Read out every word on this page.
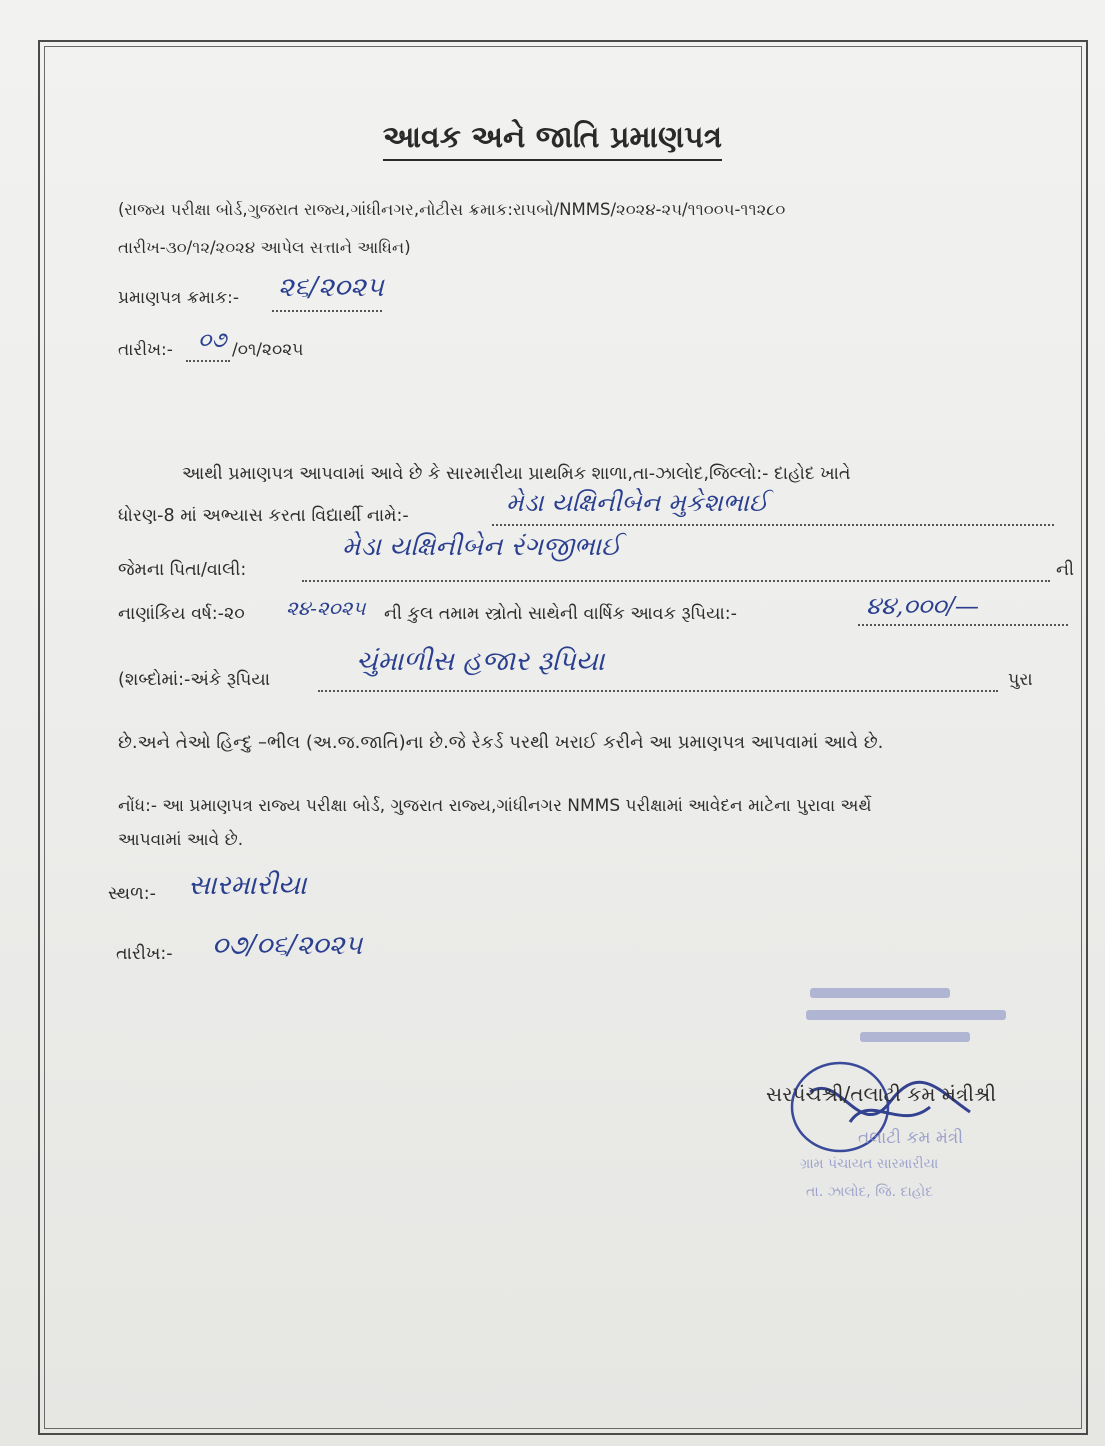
આવક અને જાતિ પ્રમાણપત્ર
(રાજ્ય પરીક્ષા બોર્ડ,ગુજરાત રાજ્ય,ગાંધીનગર,નોટીસ ક્રમાક:રાપબો/NMMS/૨૦૨૪-૨૫/૧૧૦૦૫-૧૧૨૮૦
તારીખ-૩૦/૧૨/૨૦૨૪ આપેલ સત્તાને આધિન)
પ્રમાણપત્ર ક્રમાક:- ૨૬/૨૦૨૫
તારીખ:- ૦૭ /૦૧/૨૦૨૫
આથી પ્રમાણપત્ર આપવામાં આવે છે કે સારમારીયા પ્રાથમિક શાળા,તા-ઝાલોદ,જિલ્લો:- દાહોદ ખાતે
ધોરણ-8 માં અભ્યાસ કરતા વિદ્યાર્થી નામે:-	મેડા યક્ષિનીબેન મુકેશભાઈ
જેમના પિતા/વાલી:
મેડા યક્ષિનીબેન રંગજીભાઈ
ની
નાણાંકિય વર્ષ:-૨૦ ૨૪-૨૦૨૫ ની કુલ તમામ સ્ત્રોતો સાથેની વાર્ષિક આવક રૂપિયા:-	૪૪,૦૦૦/—
(શબ્દોમાં:-અંકે રૂપિયા
ચુંમાળીસ હજાર રૂપિયા
પુરા
છે.અને તેઓ હિન્દુ –ભીલ (અ.જ.જાતિ)ના છે.જે રેકર્ડ પરથી ખરાઈ કરીને આ પ્રમાણપત્ર આપવામાં આવે છે.
નોંધ:- આ પ્રમાણપત્ર રાજ્ય પરીક્ષા બોર્ડ, ગુજરાત રાજ્ય,ગાંધીનગર NMMS પરીક્ષામાં આવેદન માટેના પુરાવા અર્થે
આપવામાં આવે છે.
સ્થળ:- સારમારીયા
તારીખ:- ૦૭/૦૬/૨૦૨૫
સરપંચશ્રી/તલાટી કમ મંત્રીશ્રી
તલાટી કમ મંત્રી
ગ્રામ પંચાયત સારમારીયા
તા. ઝાલોદ, જિ. દાહોદ
